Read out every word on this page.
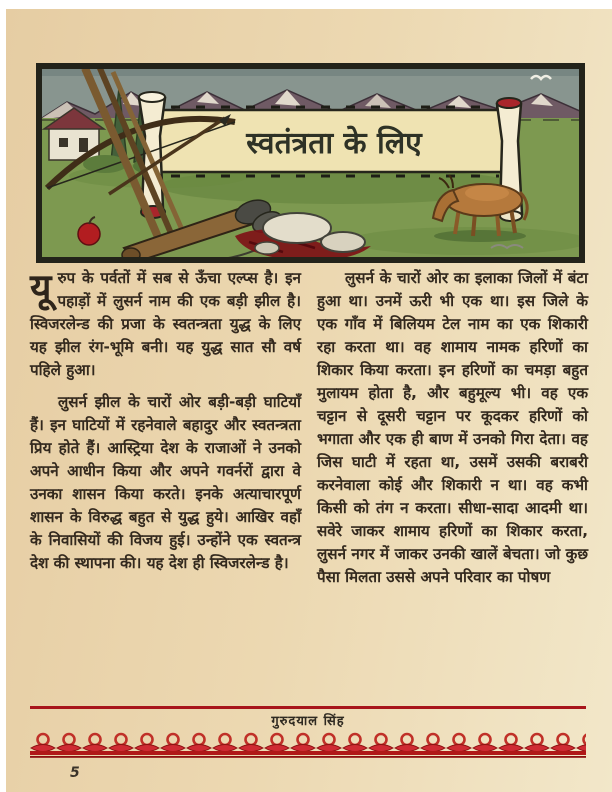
स्वतंत्रता के लिए

यूरुप के पर्वतों में सब से ऊँचा एल्प्स है। इन पहाड़ों में लुसर्न नाम की एक बड़ी झील है। स्विजरलेन्ड की प्रजा के स्वतन्त्रता युद्ध के लिए यह झील रंग-भूमि बनी। यह युद्ध सात सौ वर्ष पहिले हुआ।

लुसर्न झील के चारों ओर बड़ी-बड़ी घाटियाँ हैं। इन घाटियों में रहनेवाले बहादुर और स्वतन्त्रता प्रिय होते हैं। आस्ट्रिया देश के राजाओं ने उनको अपने आधीन किया और अपने गवर्नरों द्वारा वे उनका शासन किया करते। इनके अत्याचारपूर्ण शासन के विरुद्ध बहुत से युद्ध हुये। आखिर वहाँ के निवासियों की विजय हुई। उन्होंने एक स्वतन्त्र देश की स्थापना की। यह देश ही स्विजरलेन्ड है।

लुसर्न के चारों ओर का इलाका जिलों में बंटा हुआ था। उनमें ऊरी भी एक था। इस जिले के एक गाँव में बिलियम टेल नाम का एक शिकारी रहा करता था। वह शामाय नामक हरिणों का शिकार किया करता। इन हरिणों का चमड़ा बहुत मुलायम होता है, और बहुमूल्य भी। वह एक चट्टान से दूसरी चट्टान पर कूदकर हरिणों को भगाता और एक ही बाण में उनको गिरा देता। वह जिस घाटी में रहता था, उसमें उसकी बराबरी करनेवाला कोई और शिकारी न था। वह कभी किसी को तंग न करता। सीधा-सादा आदमी था। सवेरे जाकर शामाय हरिणों का शिकार करता, लुसर्न नगर में जाकर उनकी खालें बेचता। जो कुछ पैसा मिलता उससे अपने परिवार का पोषण

गुरुदयाल सिंह
5
